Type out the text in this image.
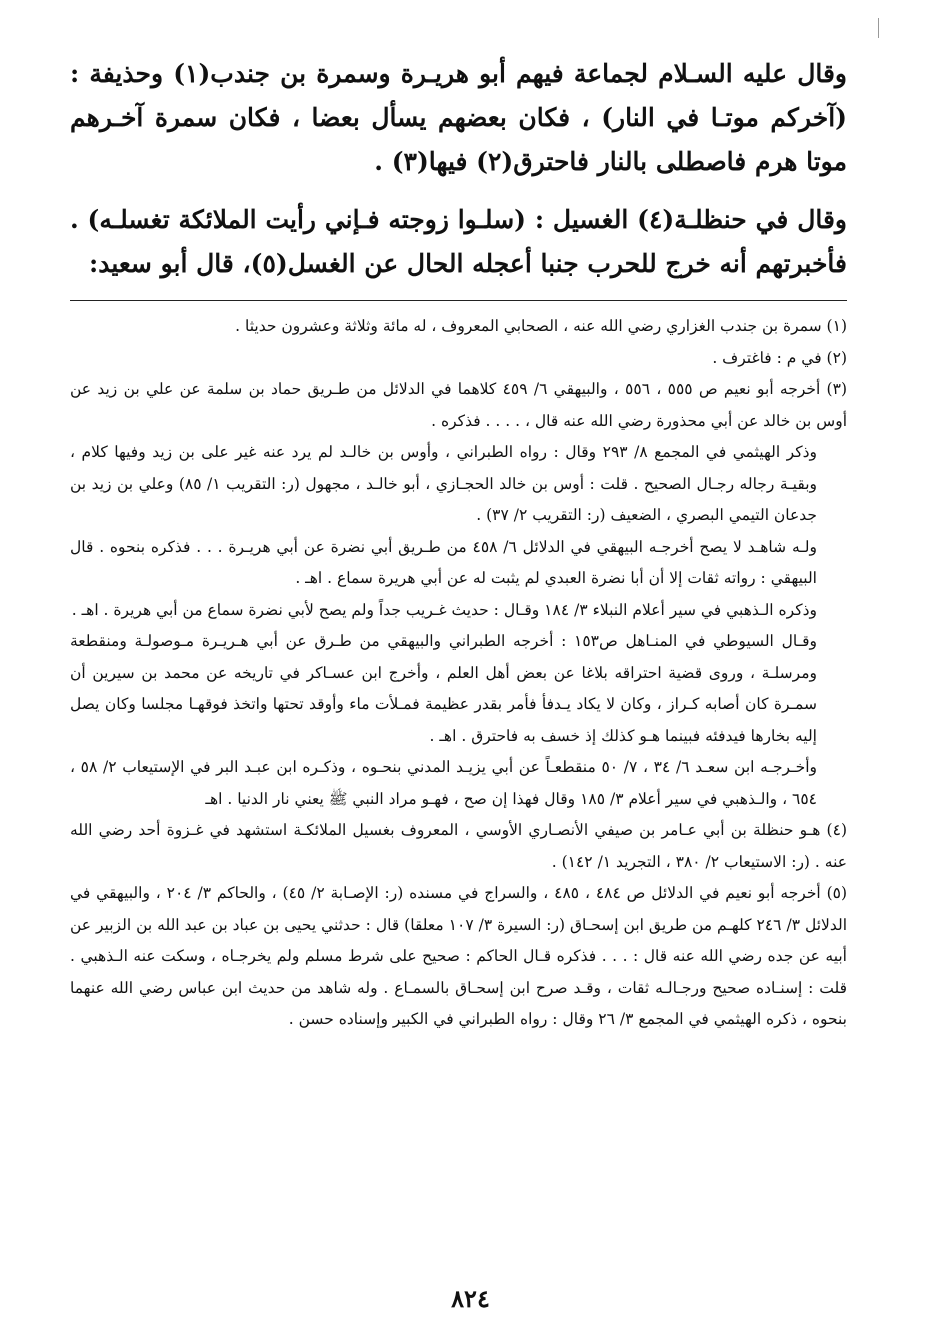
وقال عليه السـلام لجماعة فيهم أبو هريـرة وسمرة بن جندب(١) وحذيفة : (آخركم موتـا في النار) ، فكان بعضهم يسأل بعضا ، فكان سمرة آخـرهم موتا هرم فاصطلى بالنار فاحترق(٢) فيها(٣) .

وقال في حنظلـة(٤) الغسيل : (سلـوا زوجته فـإني رأيت الملائكة تغسلـه) . فأخبرتهم أنه خرج للحرب جنبا أعجله الحال عن الغسل(٥)، قال أبو سعيد:

(١) سمرة بن جندب الغزاري رضي الله عنه ، الصحابي المعروف ، له مائة وثلاثة وعشرون حديثا .

(٢) في م : فاغترف .

(٣) أخرجه أبو نعيم ص ٥٥٥ ، ٥٥٦ ، والبيهقي ٦/ ٤٥٩ كلاهما في الدلائل من طـريق حماد بن سلمة عن علي بن زيد عن أوس بن خالد عن أبي محذورة رضي الله عنه قال ، . . . . فذكره .

وذكر الهيثمي في المجمع ٨/ ٢٩٣ وقال : رواه الطبراني ، وأوس بن خالـد لم يرد عنه غير على بن زيد وفيها كلام ، وبقيـة رجاله رجـال الصحيح . قلت : أوس بن خالد الحجـازي ، أبو خالـد ، مجهول (ر: التقريب ١/ ٨٥) وعلي بن زيد بن جدعان التيمي البصري ، الضعيف (ر: التقريب ٢/ ٣٧) .

ولـه شاهـد لا يصح أخرجـه البيهقي في الدلائل ٦/ ٤٥٨ من طـريق أبي نضرة عن أبي هريـرة . . . فذكره بنحوه . قال البيهقي : رواته ثقات إلا أن أبا نضرة العبدي لم يثبت له عن أبي هريرة سماع . اهـ .

وذكره الـذهبي في سير أعلام النبلاء ٣/ ١٨٤ وقـال : حديث غـريب جداً ولم يصح لأبي نضرة سماع من أبي هريرة . اهـ .

وقـال السيوطي في المنـاهل ص١٥٣ : أخرجه الطبراني والبيهقي من طـرق عن أبي هـريـرة مـوصولـة ومنقطعة ومرسلـة ، وروى قضية احتراقه بلاغا عن بعض أهل العلم ، وأخرج ابن عسـاكر في تاريخه عن محمد بن سيرين أن سمـرة كان أصابه كـراز ، وكان لا يكاد يـدفأ فأمر بقدر عظيمة فمـلأت ماء وأوقد تحتها واتخذ فوقهـا مجلسا وكان يصل إليه بخارها فيدفئه فبينما هـو كذلك إذ خسف به فاحترق . اهـ .

وأخـرجـه ابن سعـد ٦/ ٣٤ ، ٧/ ٥٠ منقطعـاً عن أبي يزيـد المدني بنحـوه ، وذكـره ابن عبـد البر في الإستيعاب ٢/ ٥٨ ، ٦٥٤ ، والـذهبي في سير أعلام ٣/ ١٨٥ وقال فهذا إن صح ، فهـو مراد النبي ﷺ يعني نار الدنيا . اهـ

(٤) هـو حنظلة بن أبي عـامر بن صيفي الأنصـاري الأوسي ، المعروف بغسيل الملائكـة استشهد في غـزوة أحد رضي الله عنه . (ر: الاستيعاب ٢/ ٣٨٠ ، التجريد ١/ ١٤٢) .

(٥) أخرجه أبو نعيم في الدلائل ص ٤٨٤ ، ٤٨٥ ، والسراج في مسنده (ر: الإصـابة ٢/ ٤٥) ، والحاكم ٣/ ٢٠٤ ، والبيهقي في الدلائل ٣/ ٢٤٦ كلهـم من طريق ابن إسحـاق (ر: السيرة ٣/ ١٠٧ معلقا) قال : حدثني يحيى بن عباد بن عبد الله بن الزبير عن أبيه عن جده رضي الله عنه قال : . . . فذكره قـال الحاكم : صحيح على شرط مسلم ولم يخرجـاه ، وسكت عنه الـذهبي . قلت : إسنـاده صحيح ورجـالـه ثقات ، وقـد صرح ابن إسحـاق بالسمـاع . وله شاهد من حديث ابن عباس رضي الله عنهما بنحوه ، ذكره الهيثمي في المجمع ٣/ ٢٦ وقال : رواه الطبراني في الكبير وإسناده حسن .

٨٢٤
